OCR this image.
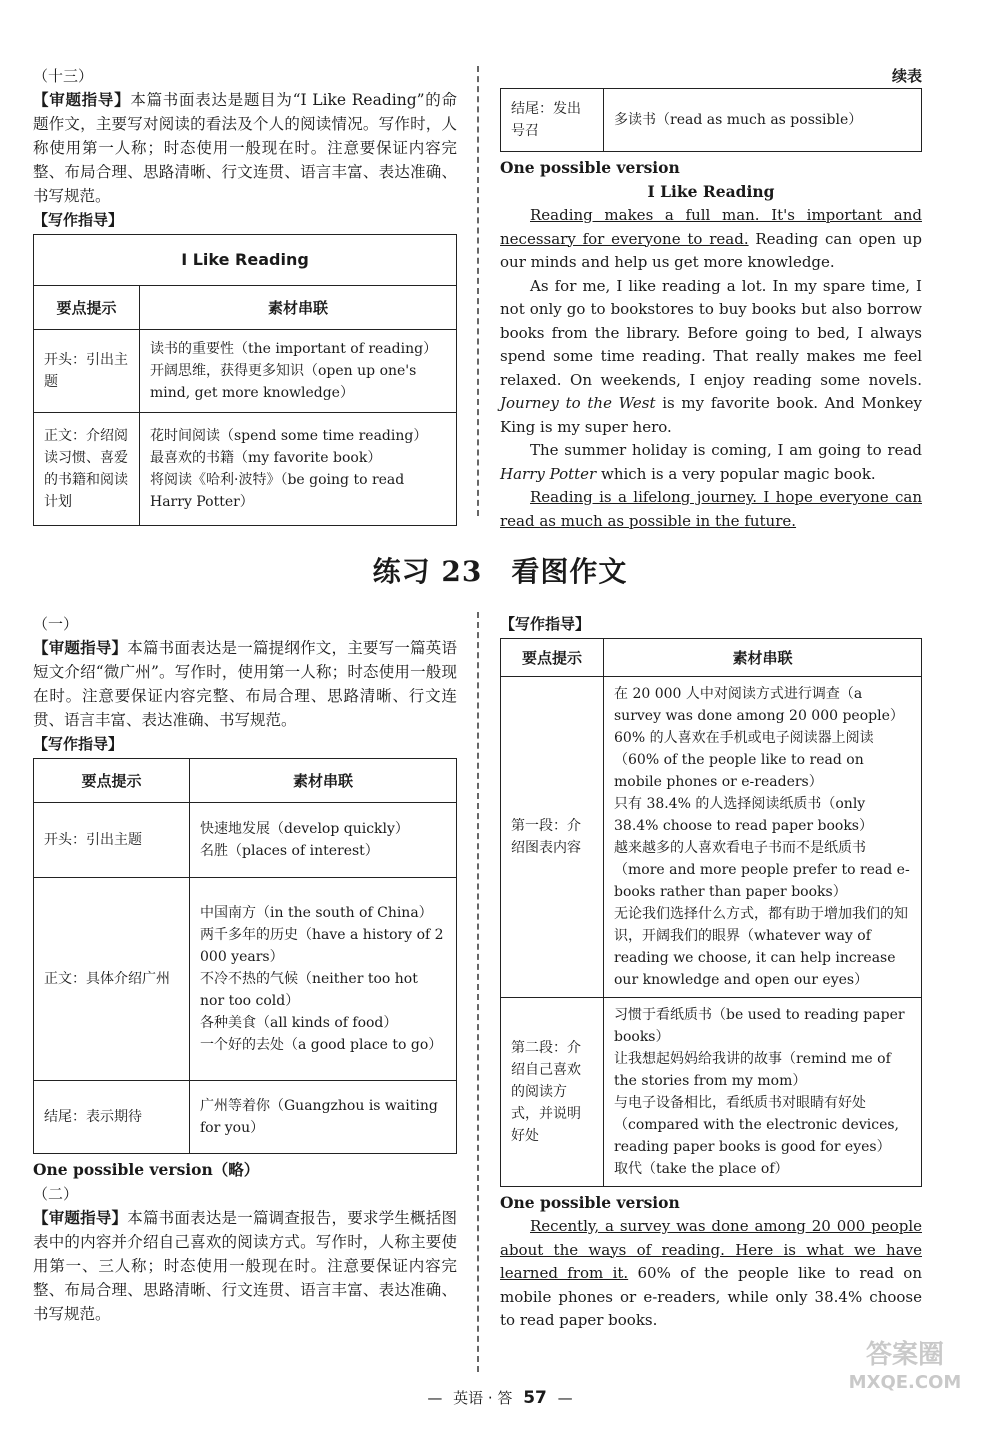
（十三）
【审题指导】本篇书面表达是题目为“I Like Reading”的命题作文，主要写对阅读的看法及个人的阅读情况。写作时，人称使用第一人称；时态使用一般现在时。注意要保证内容完整、布局合理、思路清晰、行文连贯、语言丰富、表达准确、书写规范。
【写作指导】
I Like Reading	
要点提示	素材串联
开头：引出主题	读书的重要性（the important of reading）
开阔思维，获得更多知识（open up one's mind, get more knowledge）

正文：介绍阅读习惯、喜爱的书籍和阅读计划	花时间阅读（spend some time reading）
最喜欢的书籍（my favorite book）
将阅读《哈利·波特》（be going to read Harry Potter）
续表
结尾：发出号召	多读书（read as much as possible）
One possible version
I Like Reading

Reading makes a full man. It's important and necessary for everyone to read. Reading can open up our minds and help us get more knowledge.

As for me, I like reading a lot. In my spare time, I not only go to bookstores to buy books but also borrow books from the library. Before going to bed, I always spend some time reading. That really makes me feel relaxed. On weekends, I enjoy reading some novels. Journey to the West is my favorite book. And Monkey King is my super hero.

The summer holiday is coming, I am going to read Harry Potter which is a very popular magic book.

Reading is a lifelong journey. I hope everyone can read as much as possible in the future.

练习 23　看图作文
（一）
【审题指导】本篇书面表达是一篇提纲作文，主要写一篇英语短文介绍“微广州”。写作时，使用第一人称；时态使用一般现在时。注意要保证内容完整、布局合理、思路清晰、行文连贯、语言丰富、表达准确、书写规范。
【写作指导】
要点提示	素材串联
开头：引出主题	快速地发展（develop quickly）
名胜（places of interest）

正文：具体介绍广州	中国南方（in the south of China）
两千多年的历史（have a history of 2 000 years）
不冷不热的气候（neither too hot nor too cold）
各种美食（all kinds of food）
一个好的去处（a good place to go）

结尾：表示期待	广州等着你（Guangzhou is waiting for you）
One possible version（略）
（二）
【审题指导】本篇书面表达是一篇调查报告，要求学生概括图表中的内容并介绍自己喜欢的阅读方式。写作时，人称主要使用第一、三人称；时态使用一般现在时。注意要保证内容完整、布局合理、思路清晰、行文连贯、语言丰富、表达准确、书写规范。
【写作指导】
要点提示	素材串联
第一段：介绍图表内容	在 20 000 人中对阅读方式进行调查（a survey was done among 20 000 people）
60% 的人喜欢在手机或电子阅读器上阅读（60% of the people like to read on mobile phones or e-readers）
只有 38.4% 的人选择阅读纸质书（only 38.4% choose to read paper books）
越来越多的人喜欢看电子书而不是纸质书（more and more people prefer to read e-books rather than paper books）
无论我们选择什么方式，都有助于增加我们的知识，开阔我们的眼界（whatever way of reading we choose, it can help increase our knowledge and open our eyes）

第二段：介绍自己喜欢的阅读方式，并说明好处	习惯于看纸质书（be used to reading paper books）
让我想起妈妈给我讲的故事（remind me of the stories from my mom）
与电子设备相比，看纸质书对眼睛有好处（compared with the electronic devices, reading paper books is good for eyes）
取代（take the place of）
One possible version

Recently, a survey was done among 20 000 people about the ways of reading. Here is what we have learned from it. 60% of the people like to read on mobile phones or e-readers, while only 38.4% choose to read paper books.

— 英语 · 答 57 —
答案圈
MXQE.COM
